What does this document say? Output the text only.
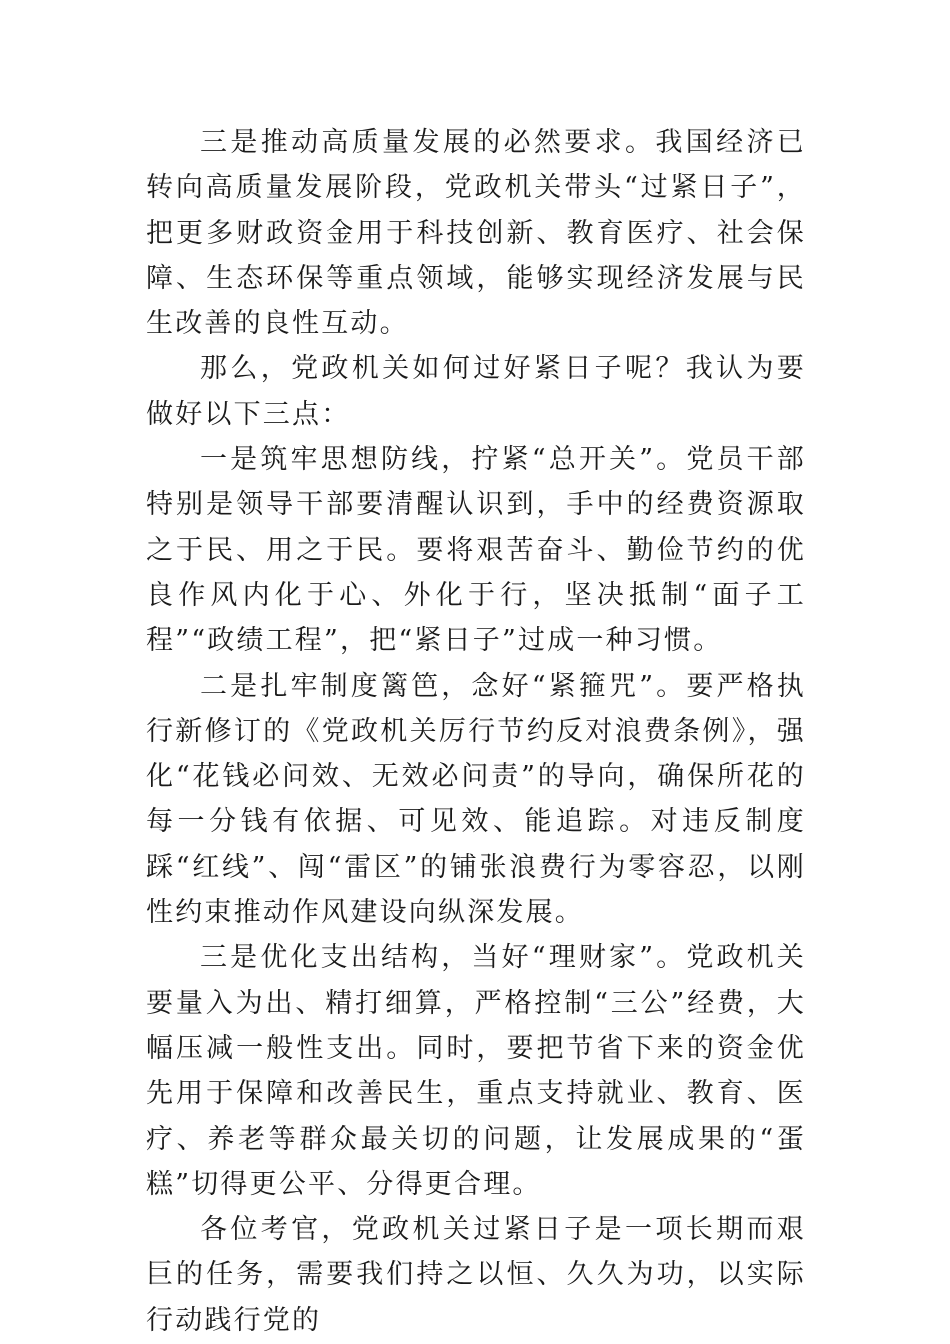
三是推动高质量发展的必然要求。我国经济已转向高质量发展阶段，党政机关带头“过紧日子”，把更多财政资金用于科技创新、教育医疗、社会保障、生态环保等重点领域，能够实现经济发展与民生改善的良性互动。

那么，党政机关如何过好紧日子呢？我认为要做好以下三点：

一是筑牢思想防线，拧紧“总开关”。党员干部特别是领导干部要清醒认识到，手中的经费资源取之于民、用之于民。要将艰苦奋斗、勤俭节约的优良作风内化于心、外化于行，坚决抵制“面子工程”“政绩工程”，把“紧日子”过成一种习惯。

二是扎牢制度篱笆，念好“紧箍咒”。要严格执行新修订的《党政机关厉行节约反对浪费条例》，强化“花钱必问效、无效必问责”的导向，确保所花的每一分钱有依据、可见效、能追踪。对违反制度踩“红线”、闯“雷区”的铺张浪费行为零容忍，以刚性约束推动作风建设向纵深发展。

三是优化支出结构，当好“理财家”。党政机关要量入为出、精打细算，严格控制“三公”经费，大幅压减一般性支出。同时，要把节省下来的资金优先用于保障和改善民生，重点支持就业、教育、医疗、养老等群众最关切的问题，让发展成果的“蛋糕”切得更公平、分得更合理。

各位考官，党政机关过紧日子是一项长期而艰巨的任务，需要我们持之以恒、久久为功，以实际行动践行党的
